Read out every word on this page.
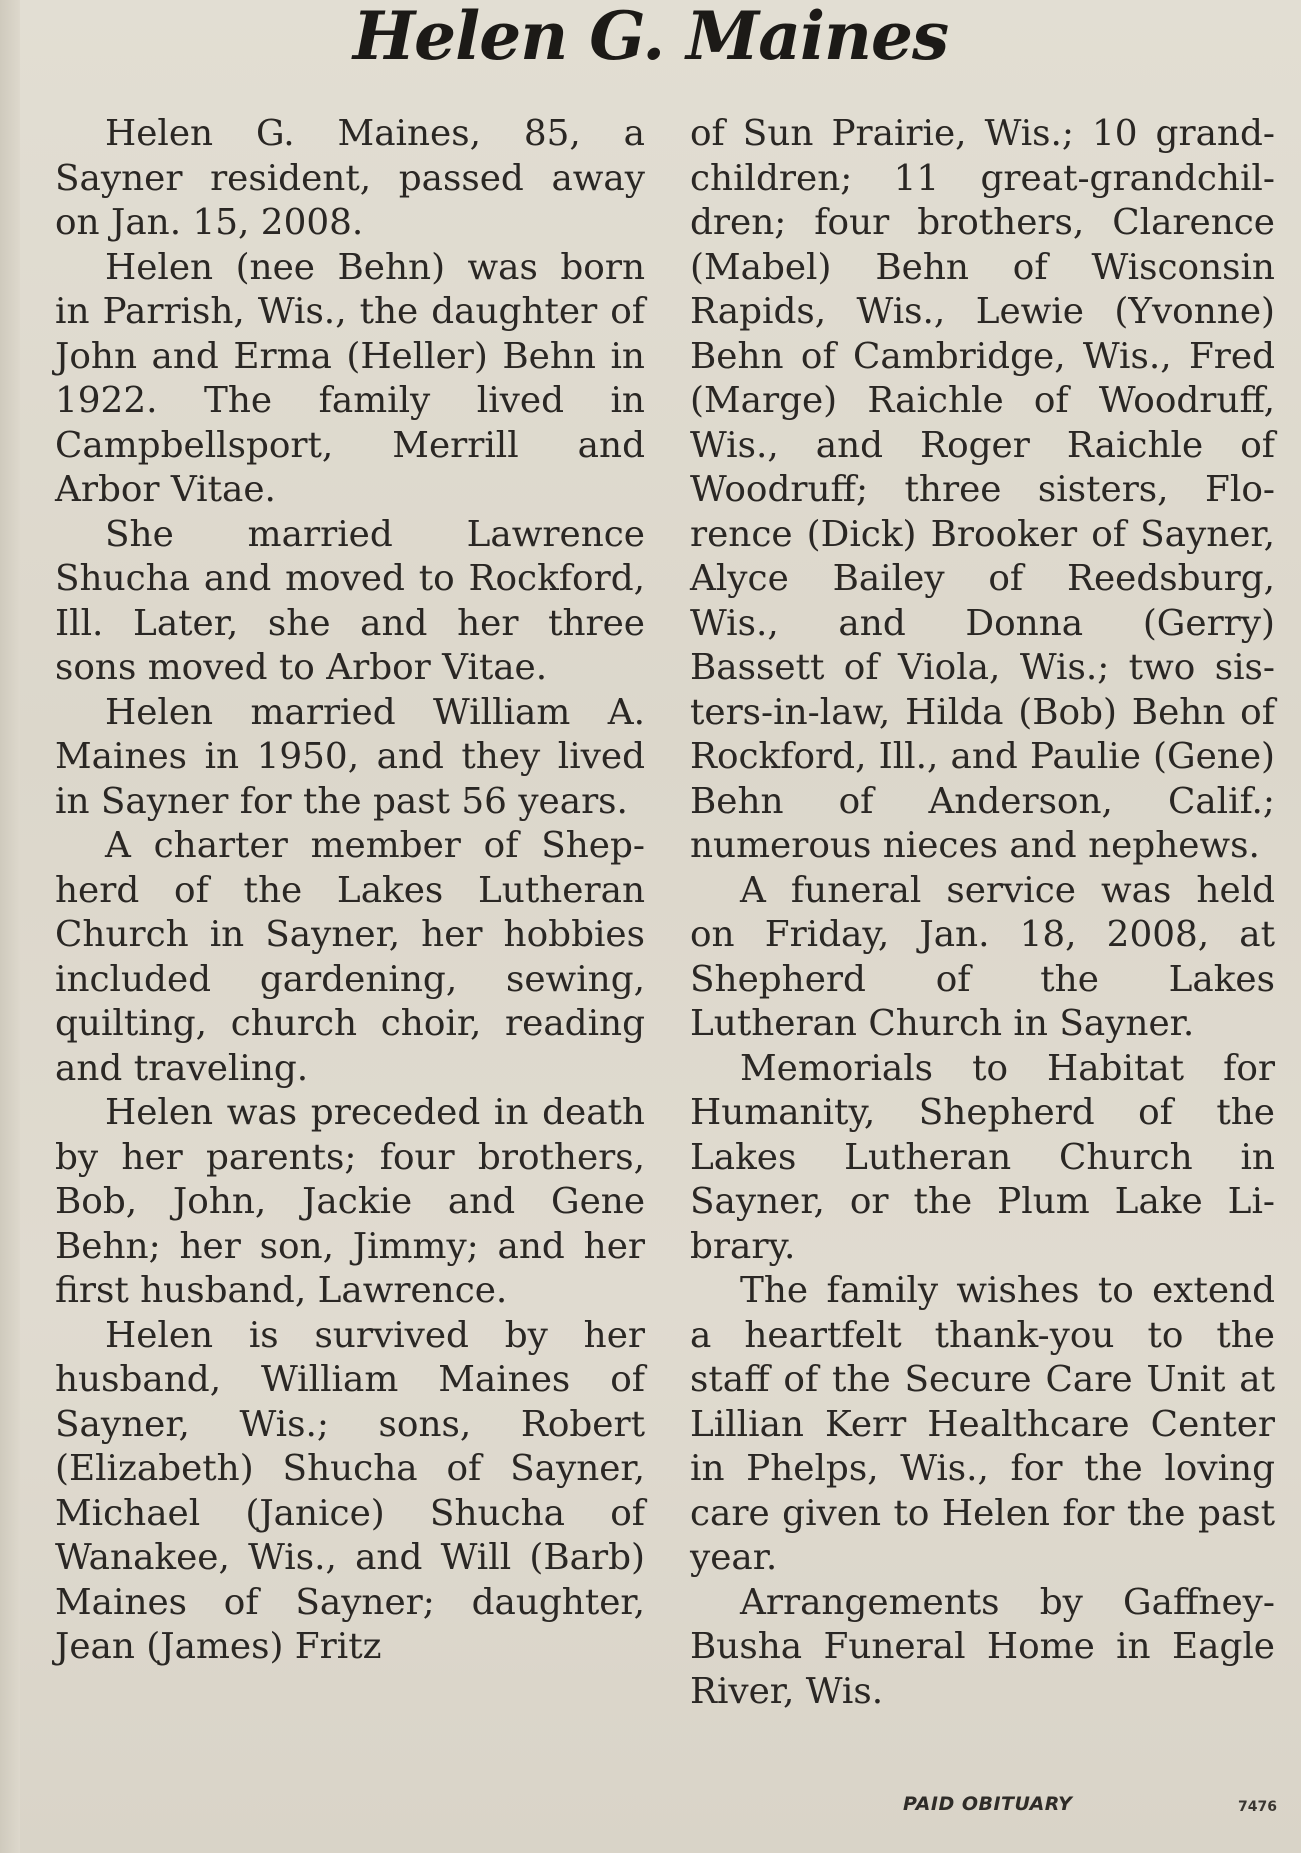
Helen G. Maines

Helen G. Maines, 85, a Sayner resident, passed away on Jan. 15, 2008.

Helen (nee Behn) was born in Parrish, Wis., the daughter of John and Erma (Heller) Behn in 1922. The family lived in Campbellsport, Merrill and Arbor Vitae.

She married Lawrence Shucha and moved to Rockford, Ill. Later, she and her three sons moved to Arbor Vitae.

Helen married William A. Maines in 1950, and they lived in Sayner for the past 56 years.

A charter member of Shepherd of the Lakes Lutheran Church in Sayner, her hobbies included gardening, sewing, quilting, church choir, reading and traveling.

Helen was preceded in death by her parents; four brothers, Bob, John, Jackie and Gene Behn; her son, Jimmy; and her first husband, Lawrence.

Helen is survived by her husband, William Maines of Sayner, Wis.; sons, Robert (Elizabeth) Shucha of Sayner, Michael (Janice) Shucha of Wanakee, Wis., and Will (Barb) Maines of Sayner; daughter, Jean (James) Fritz

of Sun Prairie, Wis.; 10 grandchildren; 11 great-grandchildren; four brothers, Clarence (Mabel) Behn of Wisconsin Rapids, Wis., Lewie (Yvonne) Behn of Cambridge, Wis., Fred (Marge) Raichle of Woodruff, Wis., and Roger Raichle of Woodruff; three sisters, Florence (Dick) Brooker of Sayner, Alyce Bailey of Reedsburg, Wis., and Donna (Gerry) Bassett of Viola, Wis.; two sisters-in-law, Hilda (Bob) Behn of Rockford, Ill., and Paulie (Gene) Behn of Anderson, Calif.; numerous nieces and nephews.

A funeral service was held on Friday, Jan. 18, 2008, at Shepherd of the Lakes Lutheran Church in Sayner.

Memorials to Habitat for Humanity, Shepherd of the Lakes Lutheran Church in Sayner, or the Plum Lake Library.

The family wishes to extend a heartfelt thank-you to the staff of the Secure Care Unit at Lillian Kerr Healthcare Center in Phelps, Wis., for the loving care given to Helen for the past year.

Arrangements by Gaffney-Busha Funeral Home in Eagle River, Wis.

PAID OBITUARY	7476
